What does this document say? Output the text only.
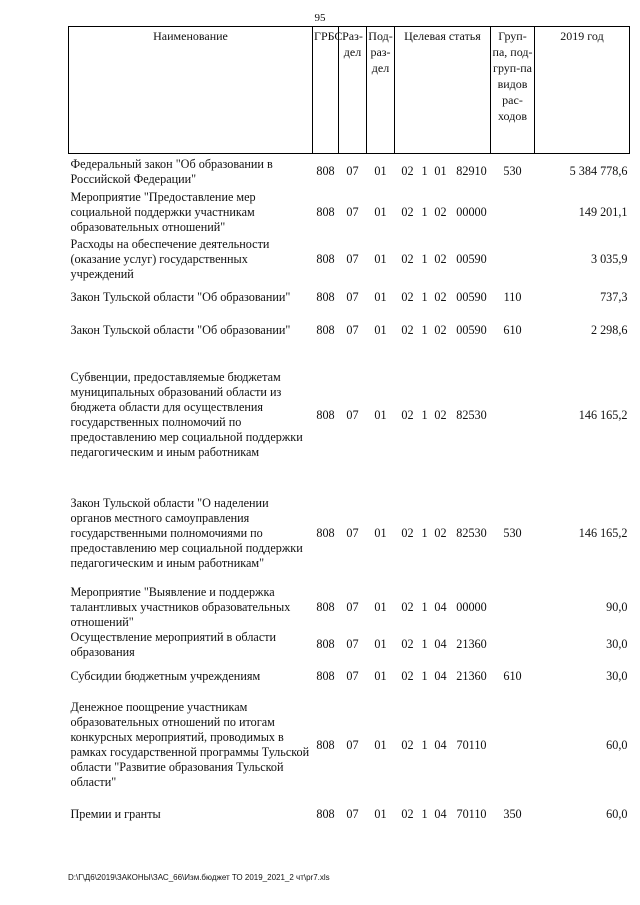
95
Наименование	ГРБС	Раз-дел	Под-раз-дел	Целевая статья	Груп-па, под-груп-па видов рас-ходов	2019 год
Федеральный закон "Об образовании в Российской Федерации"	808	07	01	02 1 01 82910	530	5 384 778,6
Мероприятие "Предоставление мер социальной поддержки участникам образовательных отношений"	808	07	01	02 1 02 00000		149 201,1
Расходы на обеспечение деятельности (оказание услуг) государственных учреждений	808	07	01	02 1 02 00590		3 035,9
Закон Тульской области "Об образовании"	808	07	01	02 1 02 00590	110	737,3
Закон Тульской области "Об образовании"	808	07	01	02 1 02 00590	610	2 298,6
Субвенции, предоставляемые бюджетам муниципальных образований области из бюджета области для осуществления государственных полномочий по предоставлению мер социальной поддержки педагогическим и иным работникам	808	07	01	02 1 02 82530		146 165,2
Закон Тульской области "О наделении органов местного самоуправления государственными полномочиями по предоставлению мер социальной поддержки педагогическим и иным работникам"	808	07	01	02 1 02 82530	530	146 165,2
Мероприятие "Выявление и поддержка талантливых участников образовательных отношений"	808	07	01	02 1 04 00000		90,0
Осуществление мероприятий в области образования	808	07	01	02 1 04 21360		30,0
Субсидии бюджетным учреждениям	808	07	01	02 1 04 21360	610	30,0
Денежное поощрение участникам образовательных отношений по итогам конкурсных мероприятий, проводимых в рамках государственной программы Тульской области "Развитие образования Тульской области"	808	07	01	02 1 04 70110		60,0
Премии и гранты	808	07	01	02 1 04 70110	350	60,0
D:\Г\Д6\2019\ЗАКОНЫ\ЗАС_66\Изм.бюджет ТО 2019_2021_2 чт\pr7.xls
